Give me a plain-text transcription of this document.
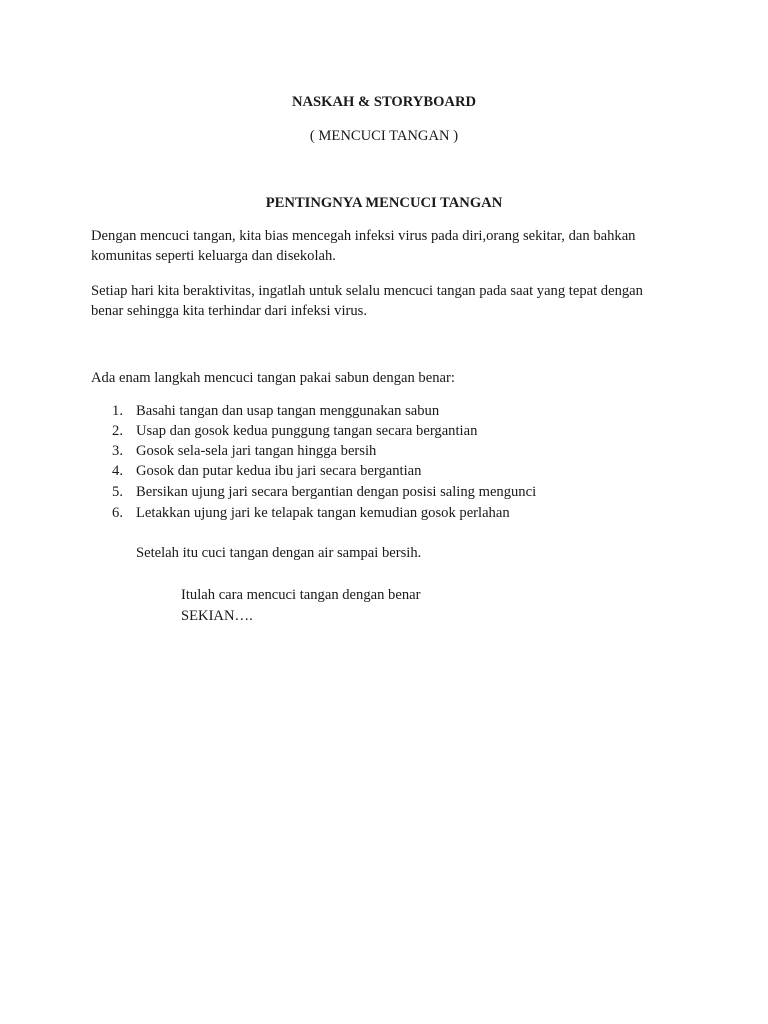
NASKAH & STORYBOARD
( MENCUCI TANGAN )
PENTINGNYA MENCUCI TANGAN
Dengan mencuci tangan, kita bias mencegah infeksi virus pada diri,orang sekitar, dan bahkan
komunitas seperti keluarga dan disekolah.
Setiap hari kita beraktivitas, ingatlah untuk selalu mencuci tangan pada saat yang tepat dengan
benar sehingga kita terhindar dari infeksi virus.
Ada enam langkah mencuci tangan pakai sabun dengan benar:
1. Basahi tangan dan usap tangan menggunakan sabun
2. Usap dan gosok kedua punggung tangan secara bergantian
3. Gosok sela-sela jari tangan hingga bersih
4. Gosok dan putar kedua ibu jari secara bergantian
5. Bersikan ujung jari secara bergantian dengan posisi saling mengunci
6. Letakkan ujung jari ke telapak tangan kemudian gosok perlahan
Setelah itu cuci tangan dengan air sampai bersih.
Itulah cara mencuci tangan dengan benar
SEKIAN….
